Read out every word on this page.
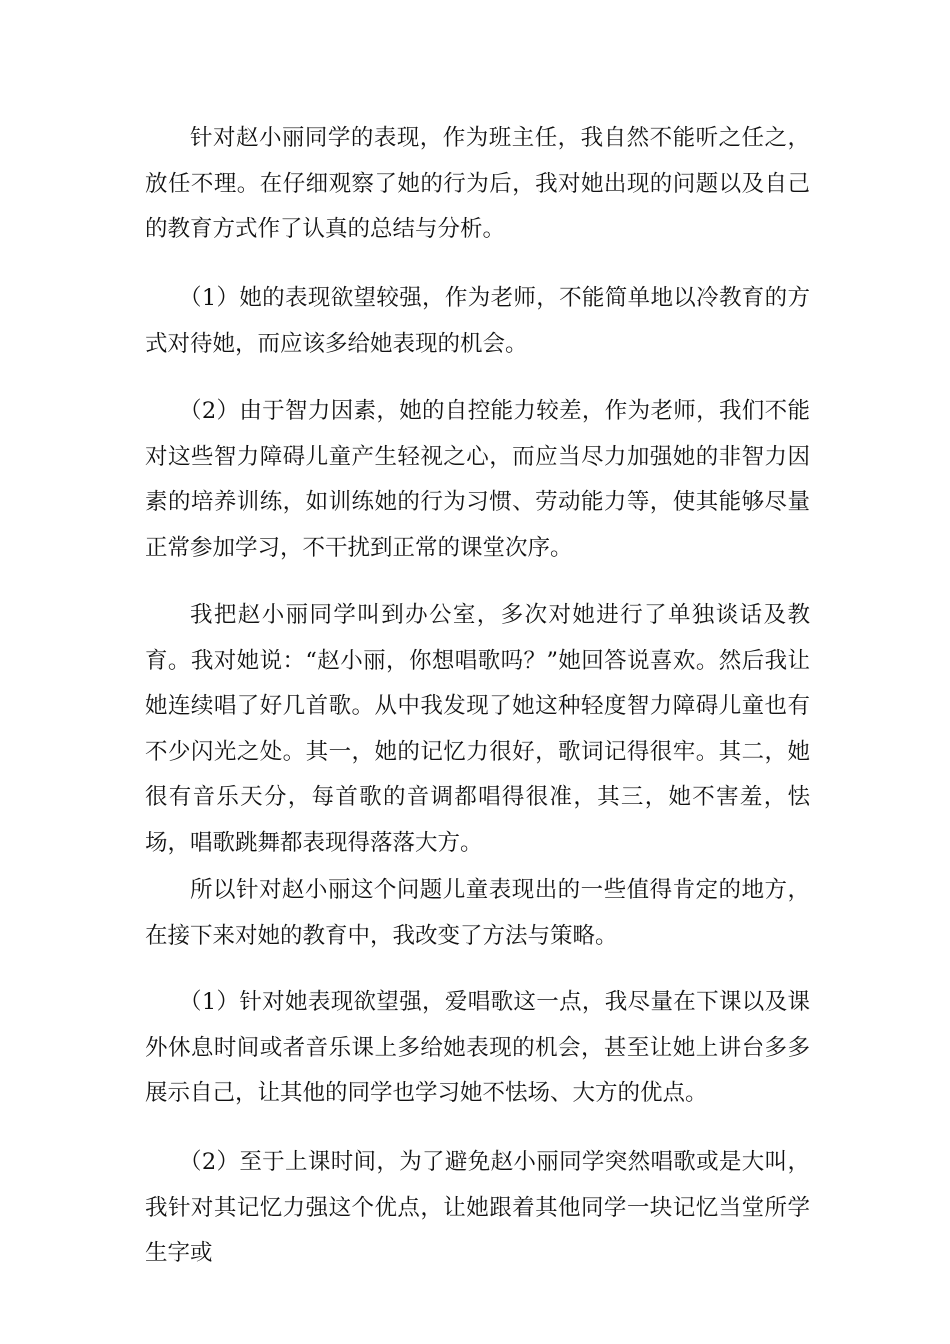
针对赵小丽同学的表现，作为班主任，我自然不能听之任之，放任不理。在仔细观察了她的行为后，我对她出现的问题以及自己的教育方式作了认真的总结与分析。

（1）她的表现欲望较强，作为老师，不能简单地以冷教育的方式对待她，而应该多给她表现的机会。

（2）由于智力因素，她的自控能力较差，作为老师，我们不能对这些智力障碍儿童产生轻视之心，而应当尽力加强她的非智力因素的培养训练，如训练她的行为习惯、劳动能力等，使其能够尽量正常参加学习，不干扰到正常的课堂次序。

我把赵小丽同学叫到办公室，多次对她进行了单独谈话及教育。我对她说：“赵小丽，你想唱歌吗？”她回答说喜欢。然后我让她连续唱了好几首歌。从中我发现了她这种轻度智力障碍儿童也有不少闪光之处。其一，她的记忆力很好，歌词记得很牢。其二，她很有音乐天分，每首歌的音调都唱得很准，其三，她不害羞，怯场，唱歌跳舞都表现得落落大方。

所以针对赵小丽这个问题儿童表现出的一些值得肯定的地方，在接下来对她的教育中，我改变了方法与策略。

（1）针对她表现欲望强，爱唱歌这一点，我尽量在下课以及课外休息时间或者音乐课上多给她表现的机会，甚至让她上讲台多多展示自己，让其他的同学也学习她不怯场、大方的优点。

（2）至于上课时间，为了避免赵小丽同学突然唱歌或是大叫，我针对其记忆力强这个优点，让她跟着其他同学一块记忆当堂所学生字或
